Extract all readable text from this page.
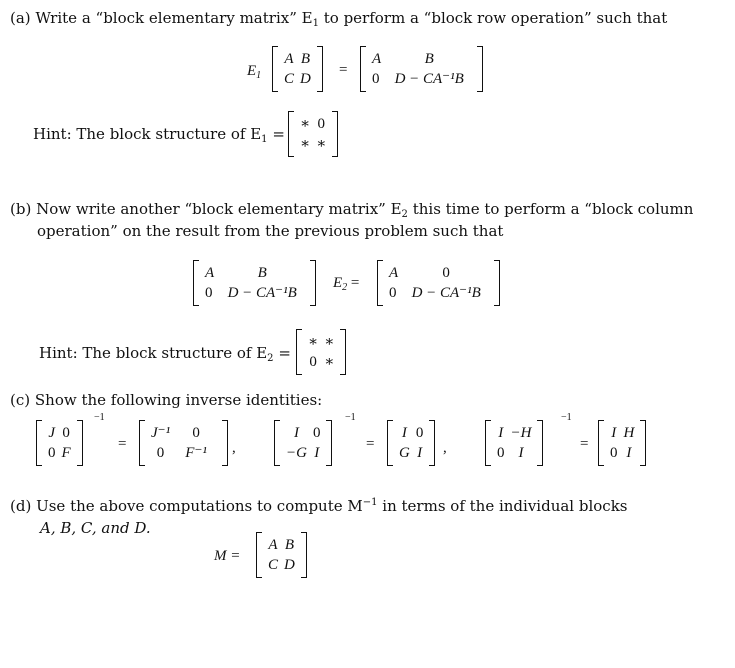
(a) Write a “block elementary matrix” $E_1$ to perform a “block row operation” such that
$E_1$
A B
C D
=
A	B
0	D − CA⁻¹B
Hint: The block structure of $E_1$ =
∗ 0
∗ ∗
(b) Now write another “block elementary matrix” $E_2$ this time to perform a “block column
operation” on the result from the previous problem such that
A	B
0	D − CA⁻¹B
$E_2$ =
A	0
0	D − CA⁻¹B
Hint: The block structure of $E_2$ =
∗ ∗
0 ∗
(c) Show the following inverse identities:
J 0
0 F
−1
=
J⁻¹	0
0	F⁻¹	,
I 0
−G I
−1
=
I 0
G I ,
I −H
0 I
−1
=
I H
0 I
(d) Use the above computations to compute $M^{-1}$ in terms of the individual blocks
A, B, C, and D.
M =
A B
C D
